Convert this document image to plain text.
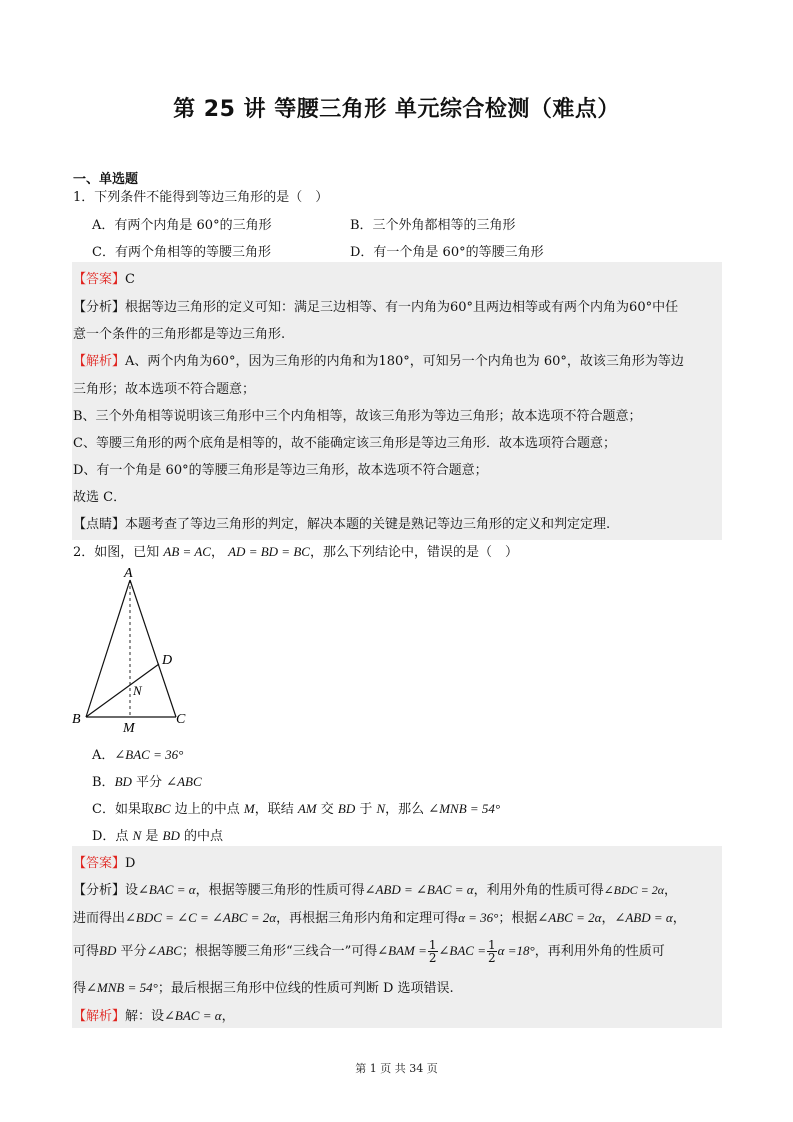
第 25 讲 等腰三角形 单元综合检测（难点）
一、单选题
1．下列条件不能得到等边三角形的是（　）
A．有两个内角是 60°的三角形	B．三个外角都相等的三角形
C．有两个角相等的等腰三角形	D．有一个角是 60°的等腰三角形
【答案】C
【分析】根据等边三角形的定义可知：满足三边相等、有一内角为60°且两边相等或有两个内角为60°中任
意一个条件的三角形都是等边三角形.
【解析】A、两个内角为60°，因为三角形的内角和为180°，可知另一个内角也为 60°，故该三角形为等边
三角形；故本选项不符合题意；
B、三个外角相等说明该三角形中三个内角相等，故该三角形为等边三角形；故本选项不符合题意；
C、等腰三角形的两个底角是相等的，故不能确定该三角形是等边三角形．故本选项符合题意；
D、有一个角是 60°的等腰三角形是等边三角形，故本选项不符合题意；
故选 C．
【点睛】本题考查了等边三角形的判定，解决本题的关键是熟记等边三角形的定义和判定定理.
2．如图，已知 AB = AC， AD = BD = BC，那么下列结论中，错误的是（　）
A
B	C
D
M
N
A．∠BAC = 36°
B．BD 平分 ∠ABC
C．如果取BC 边上的中点 M，联结 AM 交 BD 于 N，那么 ∠MNB = 54°
D．点 N 是 BD 的中点
【答案】D
【分析】设∠BAC = α，根据等腰三角形的性质可得∠ABD = ∠BAC = α，利用外角的性质可得∠BDC = 2α，
进而得出∠BDC = ∠C = ∠ABC = 2α，再根据三角形内角和定理可得α = 36°；根据∠ABC = 2α，∠ABD = α，
可得BD 平分∠ABC；根据等腰三角形“三线合一”可得∠BAM = $\frac{1}{2}$ ∠BAC = $\frac{1}{2}$ α =18°，再利用外角的性质可
得∠MNB = 54°；最后根据三角形中位线的性质可判断 D 选项错误.
【解析】解：设∠BAC = α，
第 1 页 共 34 页
